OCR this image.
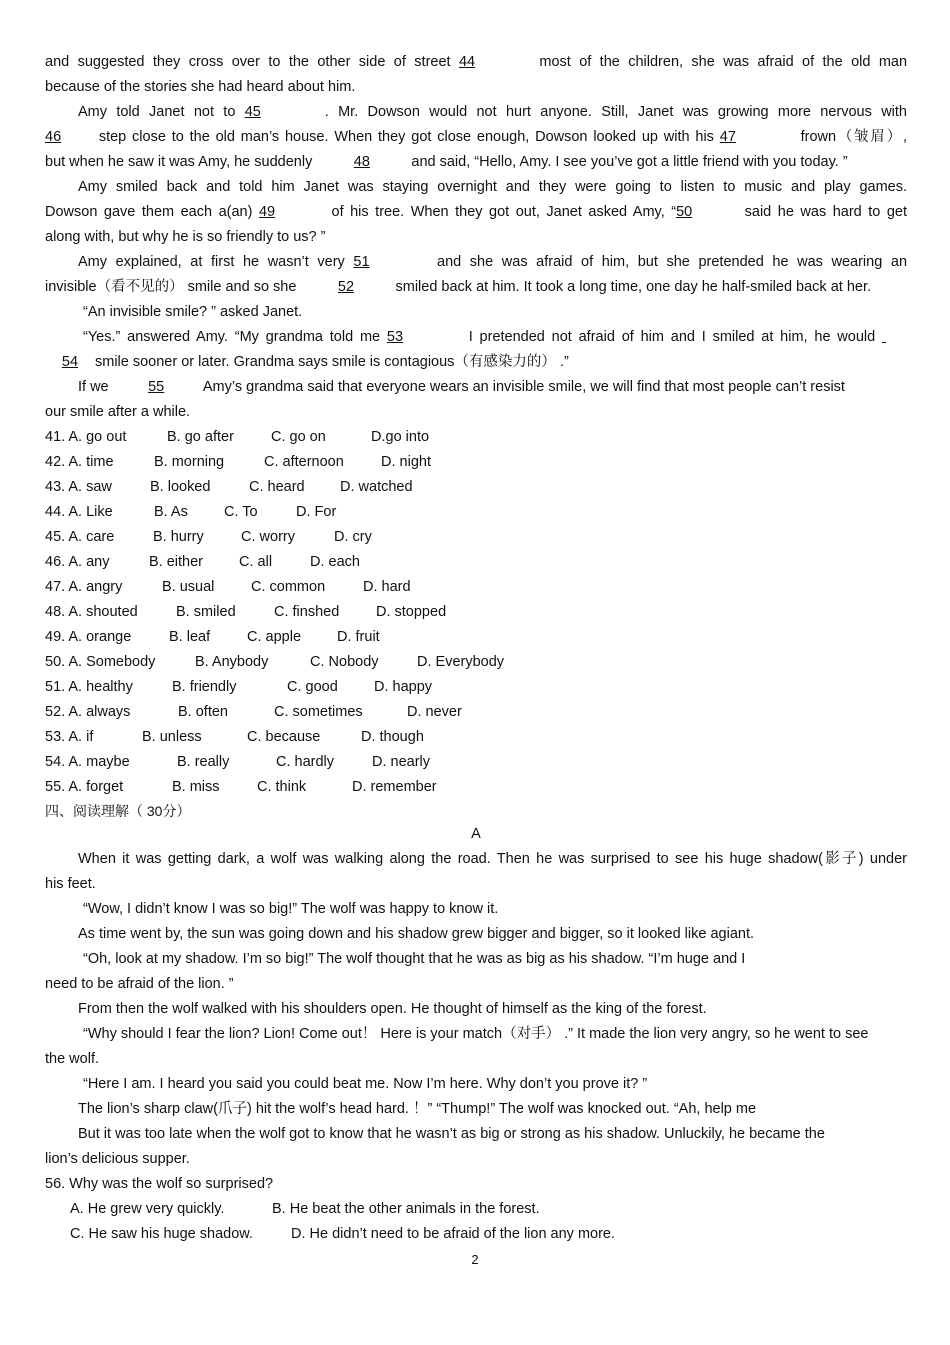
and suggested they cross over to the other side of street 44	most of the children, she was afraid of the old man
because of the stories she had heard about him.
Amy told Janet not to 45	. Mr. Dowson would not hurt anyone. Still, Janet was growing more nervous with
46	step close to the old man’s house. When they got close enough, Dowson looked up with his 47	frown（皱眉）,
but when he saw it was Amy, he suddenly	48	and said, “Hello, Amy. I see you’ve got a little friend with you today. ”
Amy smiled back and told him Janet was staying overnight and they were going to listen to music and play games.
Dowson gave them each a(an) 49	of his tree. When they got out, Janet asked Amy, “50	said he was hard to get
along with, but why he is so friendly to us? ”
Amy explained, at first he wasn’t very 51	and she was afraid of him, but she pretended he was wearing an
invisible（看不见的） smile and so she	52	smiled back at him. It took a long time, one day he half-smiled back at her.
“An invisible smile? ” asked Janet.
“Yes.” answered Amy. “My grandma told me 53	I pretended not afraid of him and I smiled at him, he would
54 smile sooner or later. Grandma says smile is contagious（有感染力的） .”
If we	55	Amy’s grandma said that everyone wears an invisible smile, we will find that most people can’t resist
our smile after a while.
41. A. go out	B. go after	C. go on	D.go into
42. A. time	B. morning	C. afternoon	D. night
43. A. saw	B. looked	C. heard D. watched
44. A. Like	B. As C. To	D. For
45. A. care	B. hurry	C. worry	D. cry
46. A. any	B. either C. all	D. each
47. A. angry	B. usual	C. common	D. hard
48. A. shouted	B. smiled	C. finshed	D. stopped
49. A. orange	B. leaf	C. apple D. fruit
50. A. Somebody	B. Anybody	C. Nobody	D. Everybody
51. A. healthy	B. friendly	C. good D. happy
52. A. always	B. often	C. sometimes	D. never
53. A. if	B. unless	C. because	D. though
54. A. maybe	B. really	C. hardly	D. nearly
55. A. forget	B. miss	C. think	D. remember
四、阅读理解（ 30分）
A
When it was getting dark, a wolf was walking along the road. Then he was surprised to see his huge shadow(影子) under
his feet.
“Wow, I didn’t know I was so big!” The wolf was happy to know it.
As time went by, the sun was going down and his shadow grew bigger and bigger, so it looked like agiant.
“Oh, look at my shadow. I’m so big!” The wolf thought that he was as big as his shadow. “I’m huge and I
need to be afraid of the lion. ”
From then the wolf walked with his shoulders open. He thought of himself as the king of the forest.
“Why should I fear the lion? Lion! Come out！ Here is your match（对手） .” It made the lion very angry, so he went to see
the wolf.
“Here I am. I heard you said you could beat me. Now I’m here. Why don’t you prove it? ”
The lion’s sharp claw(爪子) hit the wolf’s head hard. ！” “Thump!” The wolf was knocked out. “Ah, help me
But it was too late when the wolf got to know that he wasn’t as big or strong as his shadow. Unluckily, he became the
lion’s delicious supper.
56. Why was the wolf so surprised?
A. He grew very quickly.	B. He beat the other animals in the forest.
C. He saw his huge shadow.	D. He didn’t need to be afraid of the lion any more.
2
